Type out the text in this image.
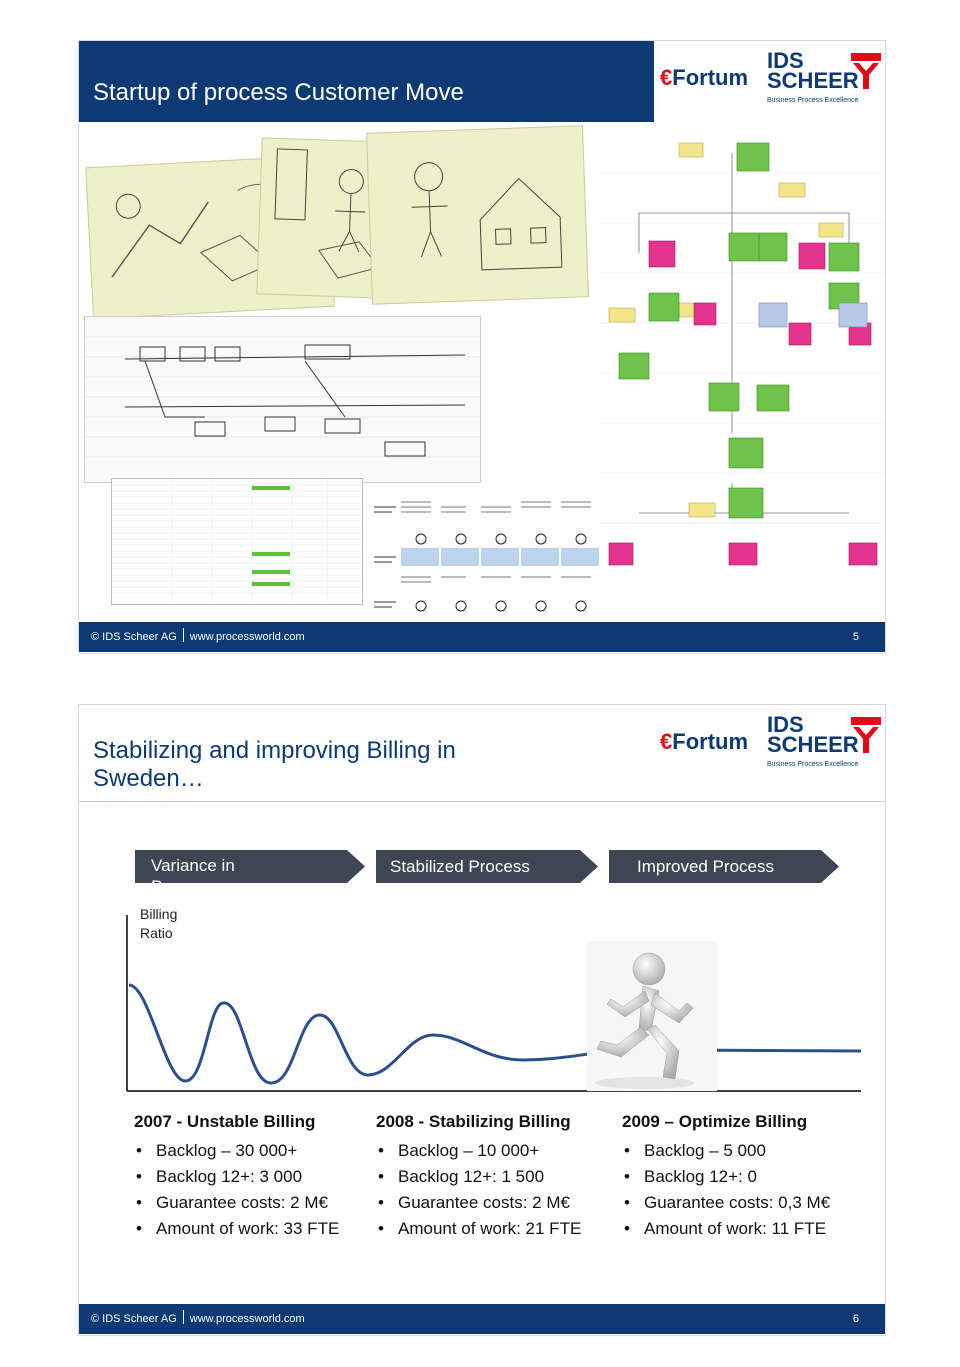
Startup of process Customer Move
€Fortum
IDS
SCHEER
Business Process Excellence
© IDS Scheer AG www.processworld.com	5
Stabilizing and improving Billing in
Sweden…
€Fortum
IDS
SCHEER
Business Process Excellence
Variance in
Process
Stabilized Process	Improved Process
Billing
Ratio
2007 - Unstable Billing
• Backlog – 30 000+
• Backlog 12+: 3 000
• Guarantee costs: 2 M€
• Amount of work: 33 FTE
2008 - Stabilizing Billing
• Backlog – 10 000+
• Backlog 12+: 1 500
• Guarantee costs: 2 M€
• Amount of work: 21 FTE
2009 – Optimize Billing
• Backlog – 5 000
• Backlog 12+: 0
• Guarantee costs: 0,3 M€
• Amount of work: 11 FTE
© IDS Scheer AG www.processworld.com	6
